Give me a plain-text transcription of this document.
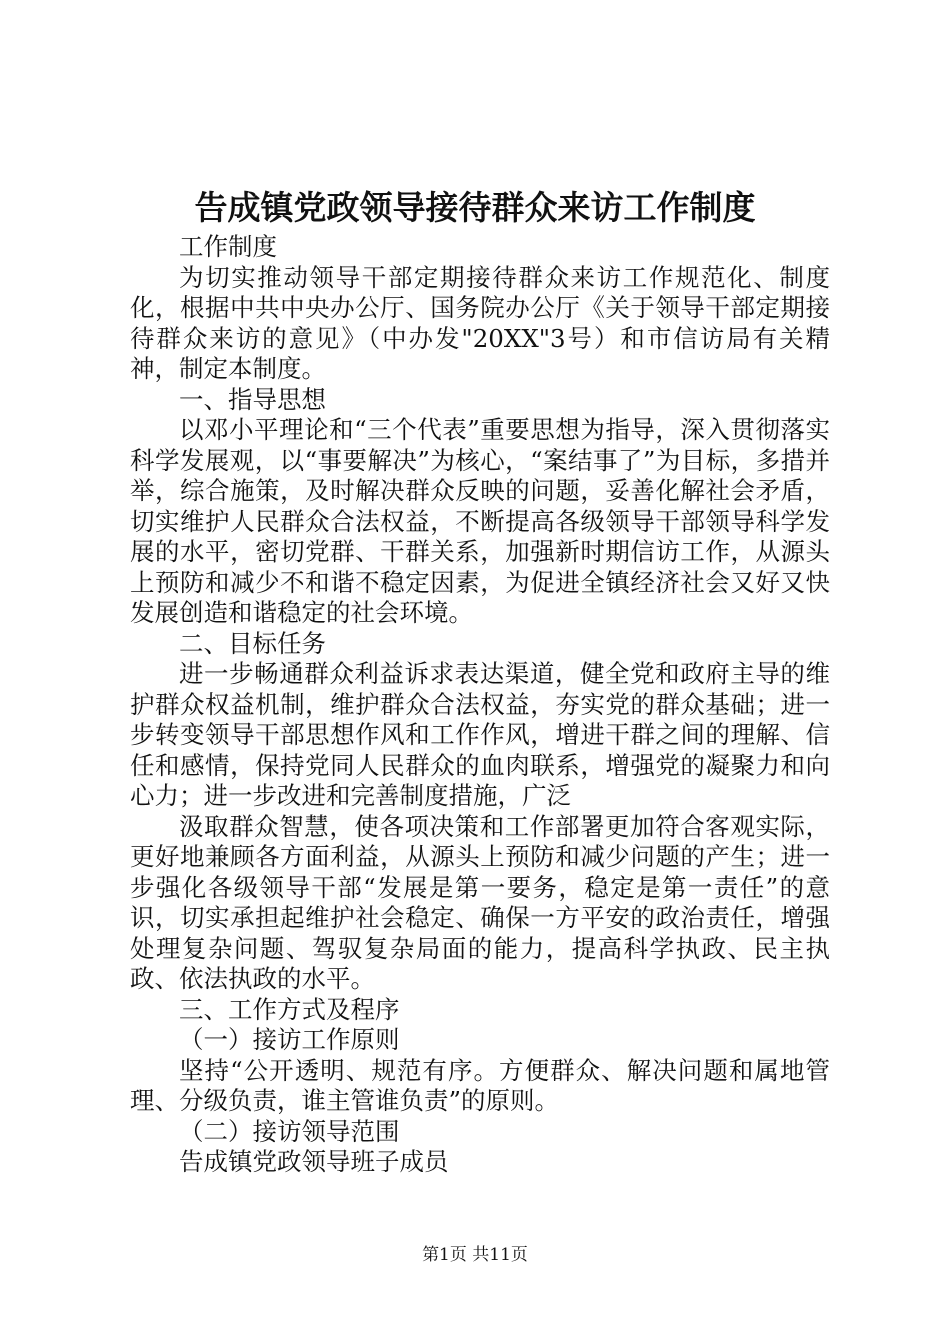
告成镇党政领导接待群众来访工作制度

工作制度

为切实推动领导干部定期接待群众来访工作规范化、制度化，根据中共中央办公厅、国务院办公厅《关于领导干部定期接待群众来访的意见》（中办发"20XX"3号）和市信访局有关精神，制定本制度。

一、指导思想

以邓小平理论和“三个代表”重要思想为指导，深入贯彻落实科学发展观，以“事要解决”为核心，“案结事了”为目标，多措并举，综合施策，及时解决群众反映的问题，妥善化解社会矛盾，切实维护人民群众合法权益，不断提高各级领导干部领导科学发展的水平，密切党群、干群关系，加强新时期信访工作，从源头上预防和减少不和谐不稳定因素，为促进全镇经济社会又好又快发展创造和谐稳定的社会环境。

二、目标任务

进一步畅通群众利益诉求表达渠道，健全党和政府主导的维护群众权益机制，维护群众合法权益，夯实党的群众基础；进一步转变领导干部思想作风和工作作风，增进干群之间的理解、信任和感情，保持党同人民群众的血肉联系，增强党的凝聚力和向心力；进一步改进和完善制度措施，广泛

汲取群众智慧，使各项决策和工作部署更加符合客观实际，更好地兼顾各方面利益，从源头上预防和减少问题的产生；进一步强化各级领导干部“发展是第一要务，稳定是第一责任”的意识，切实承担起维护社会稳定、确保一方平安的政治责任，增强处理复杂问题、驾驭复杂局面的能力，提高科学执政、民主执政、依法执政的水平。

三、工作方式及程序

（一）接访工作原则

坚持“公开透明、规范有序。方便群众、解决问题和属地管理、分级负责，谁主管谁负责”的原则。

（二）接访领导范围

告成镇党政领导班子成员

第1页 共11页
